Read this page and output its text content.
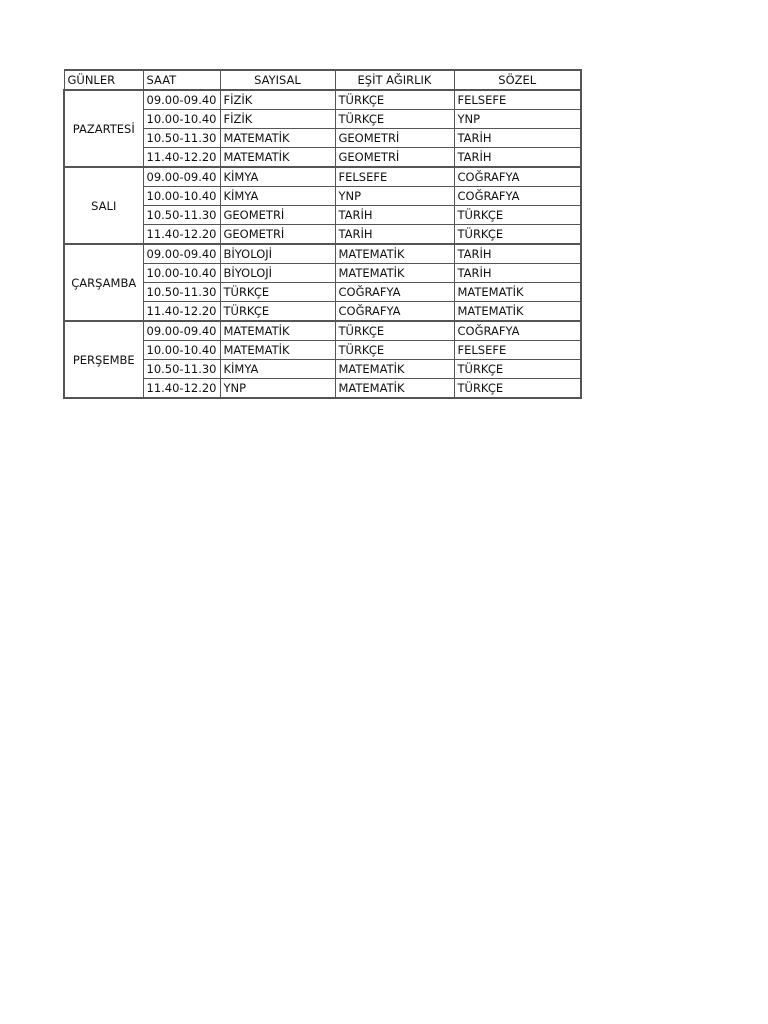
GÜNLER	SAAT	SAYISAL	EŞİT AĞIRLIK	SÖZEL
PAZARTESİ	09.00-09.40	FİZİK	TÜRKÇE	FELSEFE
	10.00-10.40	FİZİK	TÜRKÇE	YNP
	10.50-11.30	MATEMATİK	GEOMETRİ	TARİH
	11.40-12.20	MATEMATİK	GEOMETRİ	TARİH
SALI	09.00-09.40	KİMYA	FELSEFE	COĞRAFYA
	10.00-10.40	KİMYA	YNP	COĞRAFYA
	10.50-11.30	GEOMETRİ	TARİH	TÜRKÇE
	11.40-12.20	GEOMETRİ	TARİH	TÜRKÇE
ÇARŞAMBA	09.00-09.40	BİYOLOJİ	MATEMATİK	TARİH
	10.00-10.40	BİYOLOJİ	MATEMATİK	TARİH
	10.50-11.30	TÜRKÇE	COĞRAFYA	MATEMATİK
	11.40-12.20	TÜRKÇE	COĞRAFYA	MATEMATİK
PERŞEMBE	09.00-09.40	MATEMATİK	TÜRKÇE	COĞRAFYA
	10.00-10.40	MATEMATİK	TÜRKÇE	FELSEFE
	10.50-11.30	KİMYA	MATEMATİK	TÜRKÇE
	11.40-12.20	YNP	MATEMATİK	TÜRKÇE
